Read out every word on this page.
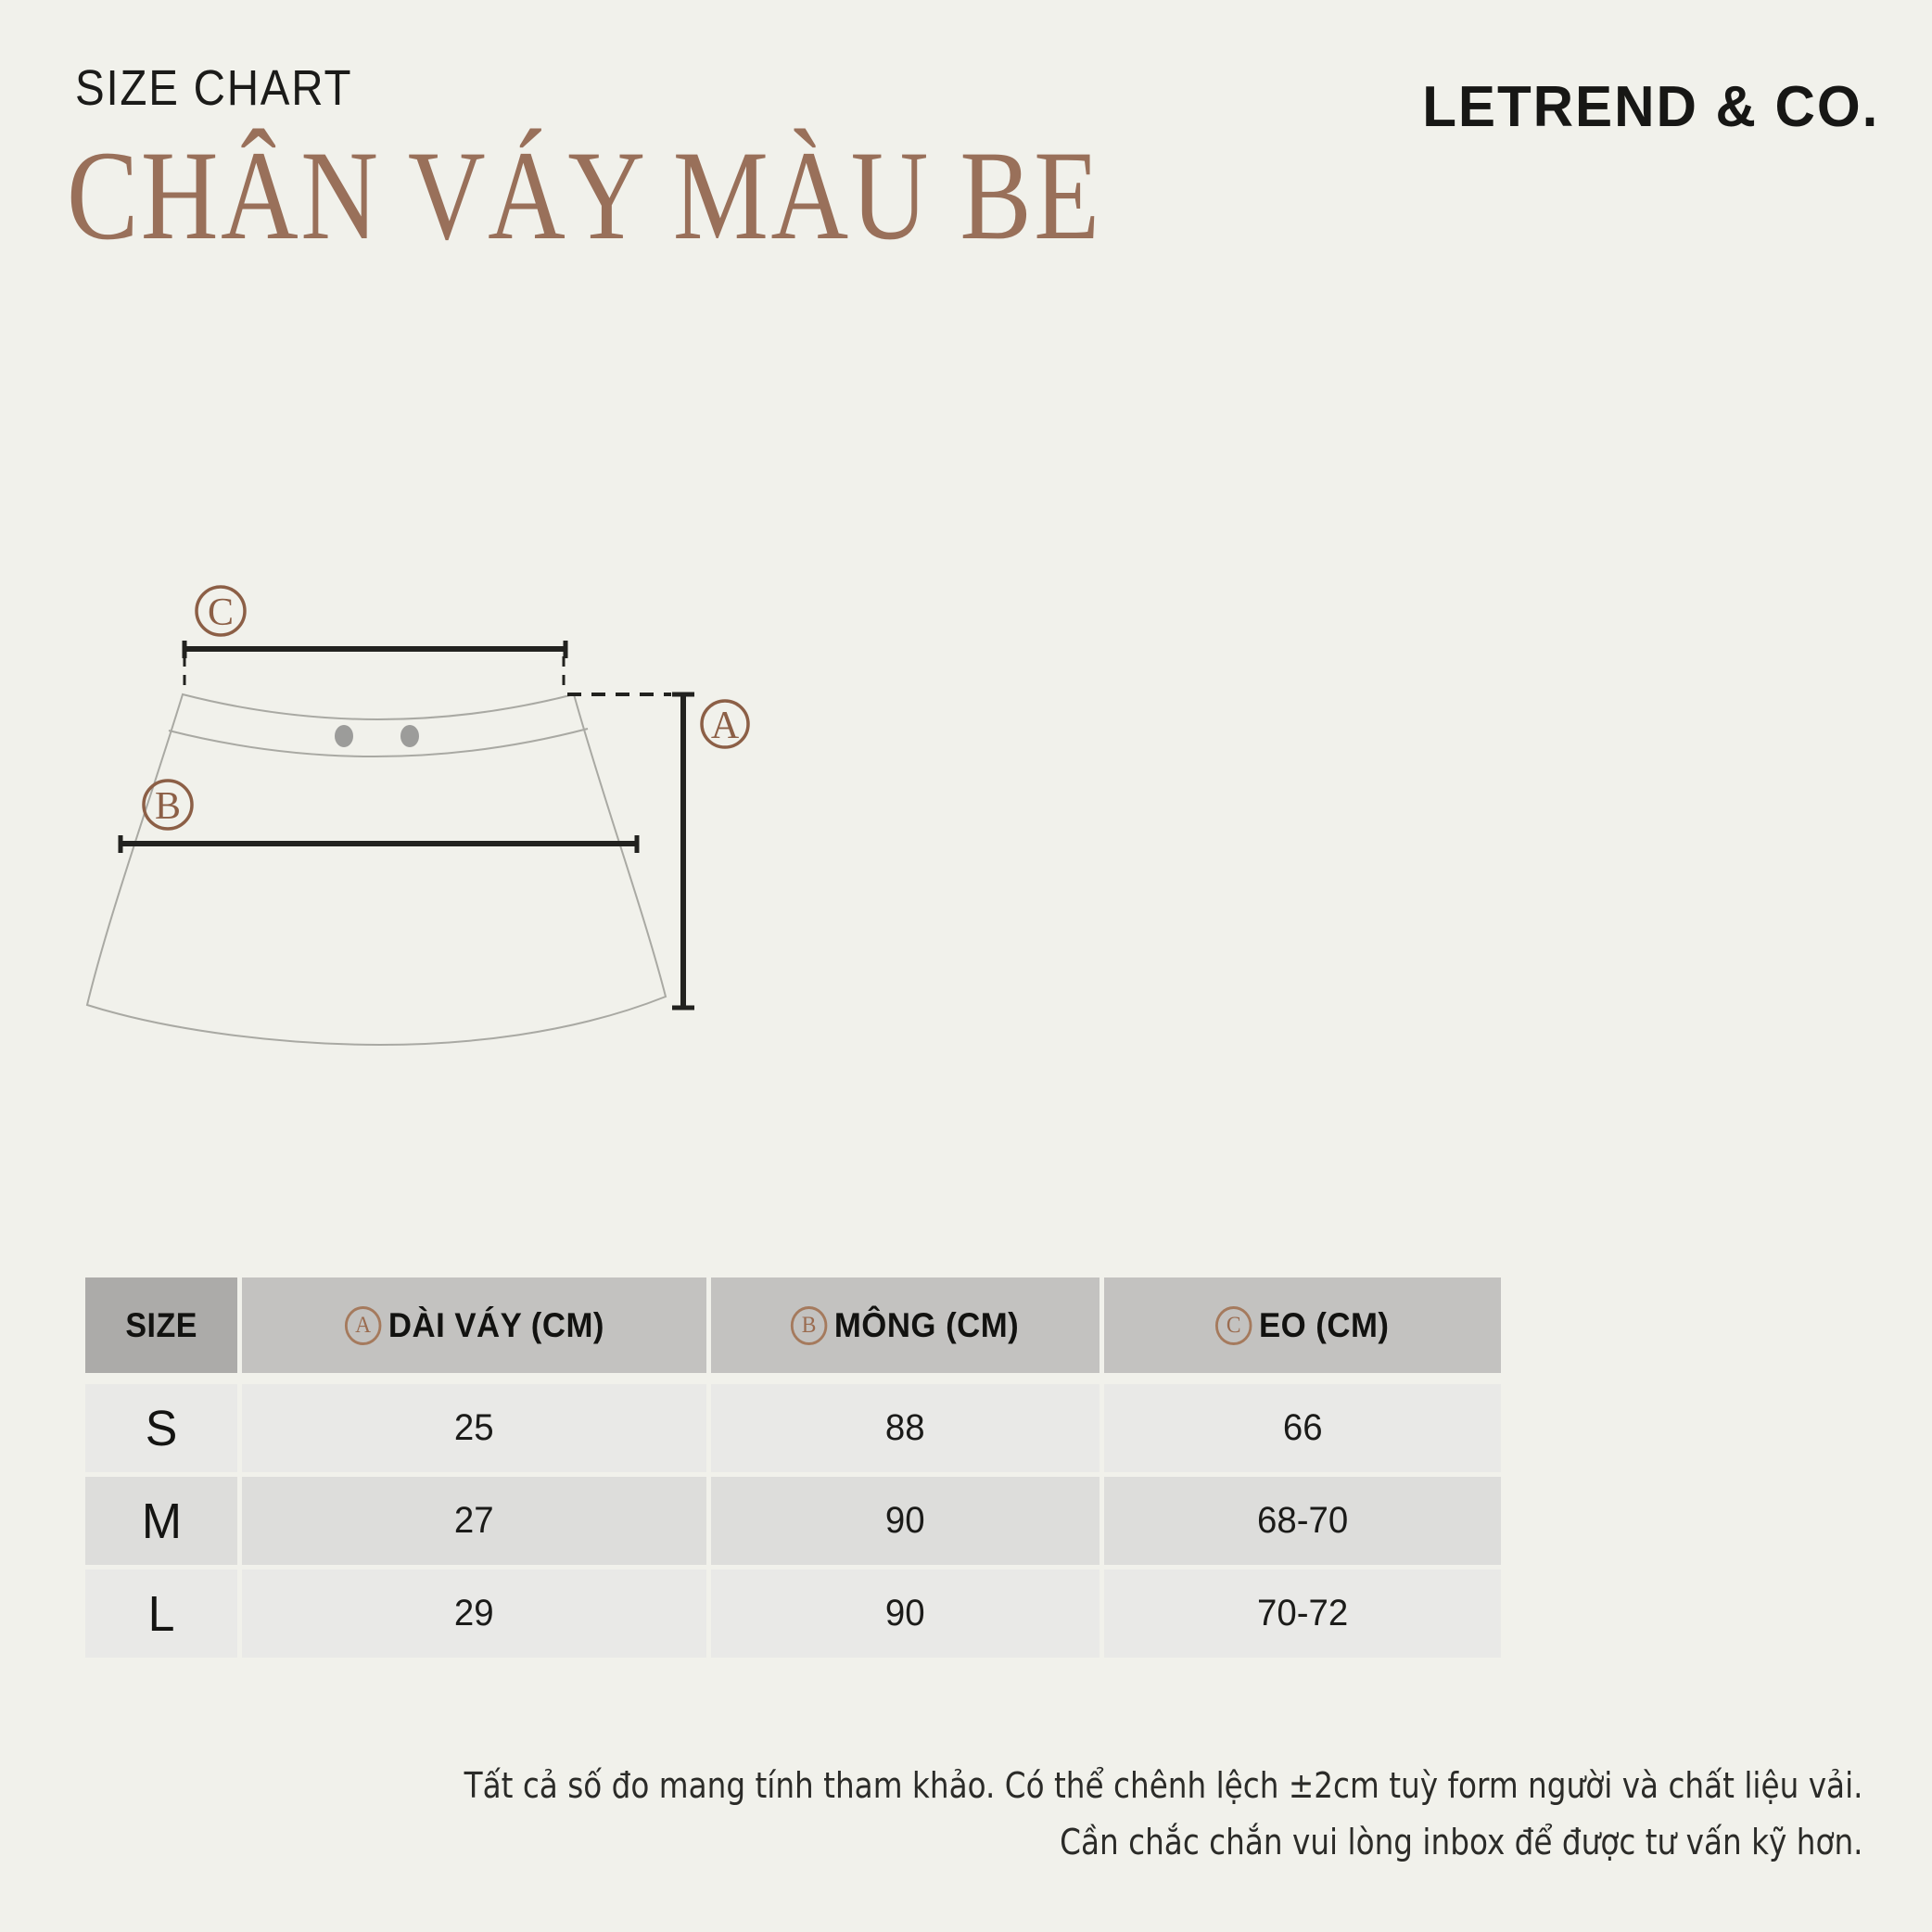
SIZE CHART
CHÂN VÁY MÀU BE
LETREND & CO.
C
A
B
SIZE	A DÀI VÁY (CM)	B MÔNG (CM)	C EO (CM)
S	25	88	66
M	27	90	68-70
L	29	90	70-72
Tất cả số đo mang tính tham khảo. Có thể chênh lệch ±2cm tuỳ form người và chất liệu vải.
Cần chắc chắn vui lòng inbox để được tư vấn kỹ hơn.
